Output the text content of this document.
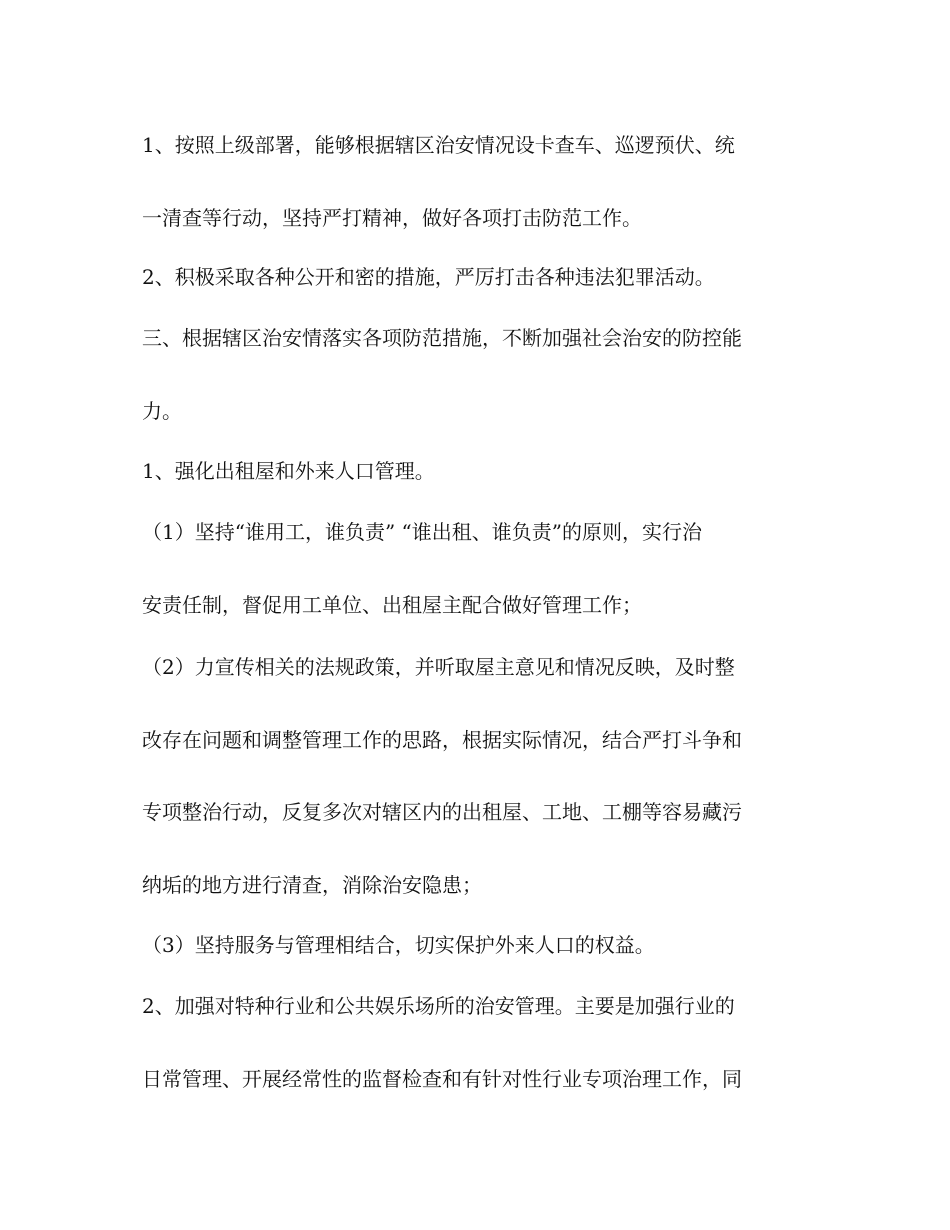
1、按照上级部署，能够根据辖区治安情况设卡查车、巡逻预伏、统
一清查等行动，坚持严打精神，做好各项打击防范工作。
2、积极采取各种公开和密的措施，严厉打击各种违法犯罪活动。
三、根据辖区治安情落实各项防范措施，不断加强社会治安的防控能
力。
1、强化出租屋和外来人口管理。
（1）坚持“谁用工，谁负责” “谁出租、谁负责”的原则，实行治
安责任制，督促用工单位、出租屋主配合做好管理工作；
（2）力宣传相关的法规政策，并听取屋主意见和情况反映，及时整
改存在问题和调整管理工作的思路，根据实际情况，结合严打斗争和
专项整治行动，反复多次对辖区内的出租屋、工地、工棚等容易藏污
纳垢的地方进行清查，消除治安隐患；
（3）坚持服务与管理相结合，切实保护外来人口的权益。
2、加强对特种行业和公共娱乐场所的治安管理。主要是加强行业的
日常管理、开展经常性的监督检查和有针对性行业专项治理工作，同
